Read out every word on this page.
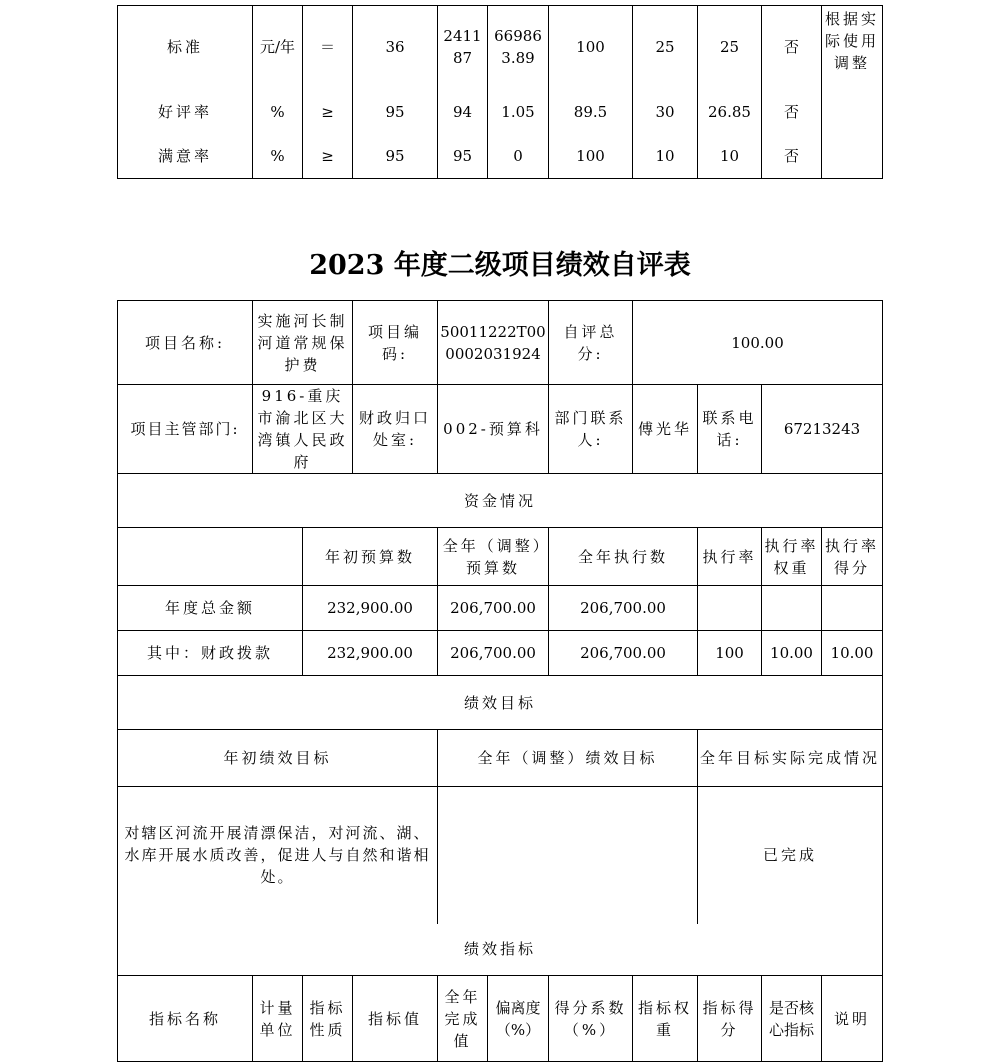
标准	元/年	＝	36	241187	669863.89	100	25	25	否	根据实际使用调整
好评率	%	≥	95	94	1.05	89.5	30	26.85	否	
满意率	%	≥	95	95	0	100	10	10	否	
2023 年度二级项目绩效自评表
项目名称:	实施河长制河道常规保护费		项目编码:	50011222T000002031924		自评总分:	100.00			
项目主管部门:	916-重庆市渝北区大湾镇人民政府		财政归口处室:	002-预算科		部门联系人:	傅光华	联系电话:	67213243	
资金情况										
		年初预算数		全年（调整）预算数		全年执行数		执行率	执行率权重	执行率得分
年度总金额		232,900.00		206,700.00		206,700.00				
其中：财政拨款		232,900.00		206,700.00		206,700.00		100	10.00	10.00
绩效目标										
年初绩效目标				全年（调整）绩效目标				全年目标实际完成情况		
对辖区河流开展清漂保洁，对河流、湖、水库开展水质改善，促进人与自然和谐相处。								已完成		
绩效指标										
指标名称	计量单位	指标性质	指标值	全年完成值	偏离度（%）	得分系数（%）	指标权重	指标得分	是否核心指标	说明
